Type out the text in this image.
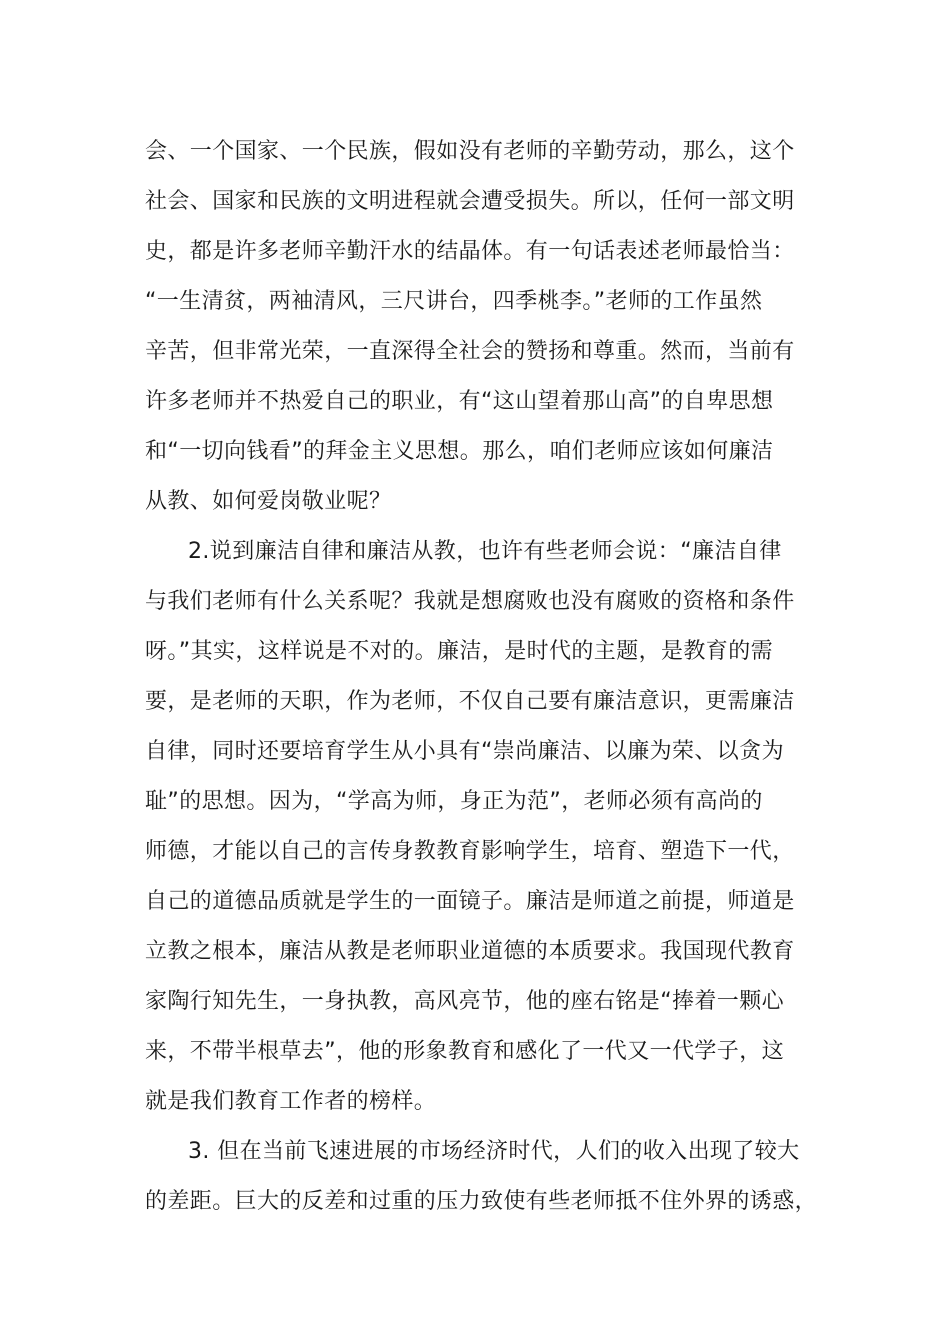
会、一个国家、一个民族，假如没有老师的辛勤劳动，那么，这个
社会、国家和民族的文明进程就会遭受损失。所以，任何一部文明
史，都是许多老师辛勤汗水的结晶体。有一句话表述老师最恰当：
“一生清贫，两袖清风，三尺讲台，四季桃李。”老师的工作虽然
辛苦，但非常光荣，一直深得全社会的赞扬和尊重。然而，当前有
许多老师并不热爱自己的职业，有“这山望着那山高”的自卑思想
和“一切向钱看”的拜金主义思想。那么，咱们老师应该如何廉洁
从教、如何爱岗敬业呢？
2.说到廉洁自律和廉洁从教，也许有些老师会说：“廉洁自律
与我们老师有什么关系呢？我就是想腐败也没有腐败的资格和条件
呀。”其实，这样说是不对的。廉洁，是时代的主题，是教育的需
要，是老师的天职，作为老师，不仅自己要有廉洁意识，更需廉洁
自律，同时还要培育学生从小具有“崇尚廉洁、以廉为荣、以贪为
耻”的思想。因为，“学高为师，身正为范”，老师必须有高尚的
师德，才能以自己的言传身教教育影响学生，培育、塑造下一代，
自己的道德品质就是学生的一面镜子。廉洁是师道之前提，师道是
立教之根本，廉洁从教是老师职业道德的本质要求。我国现代教育
家陶行知先生，一身执教，高风亮节，他的座右铭是“捧着一颗心
来，不带半根草去”，他的形象教育和感化了一代又一代学子，这
就是我们教育工作者的榜样。
3. 但在当前飞速进展的市场经济时代，人们的收入出现了较大
的差距。巨大的反差和过重的压力致使有些老师抵不住外界的诱惑，
